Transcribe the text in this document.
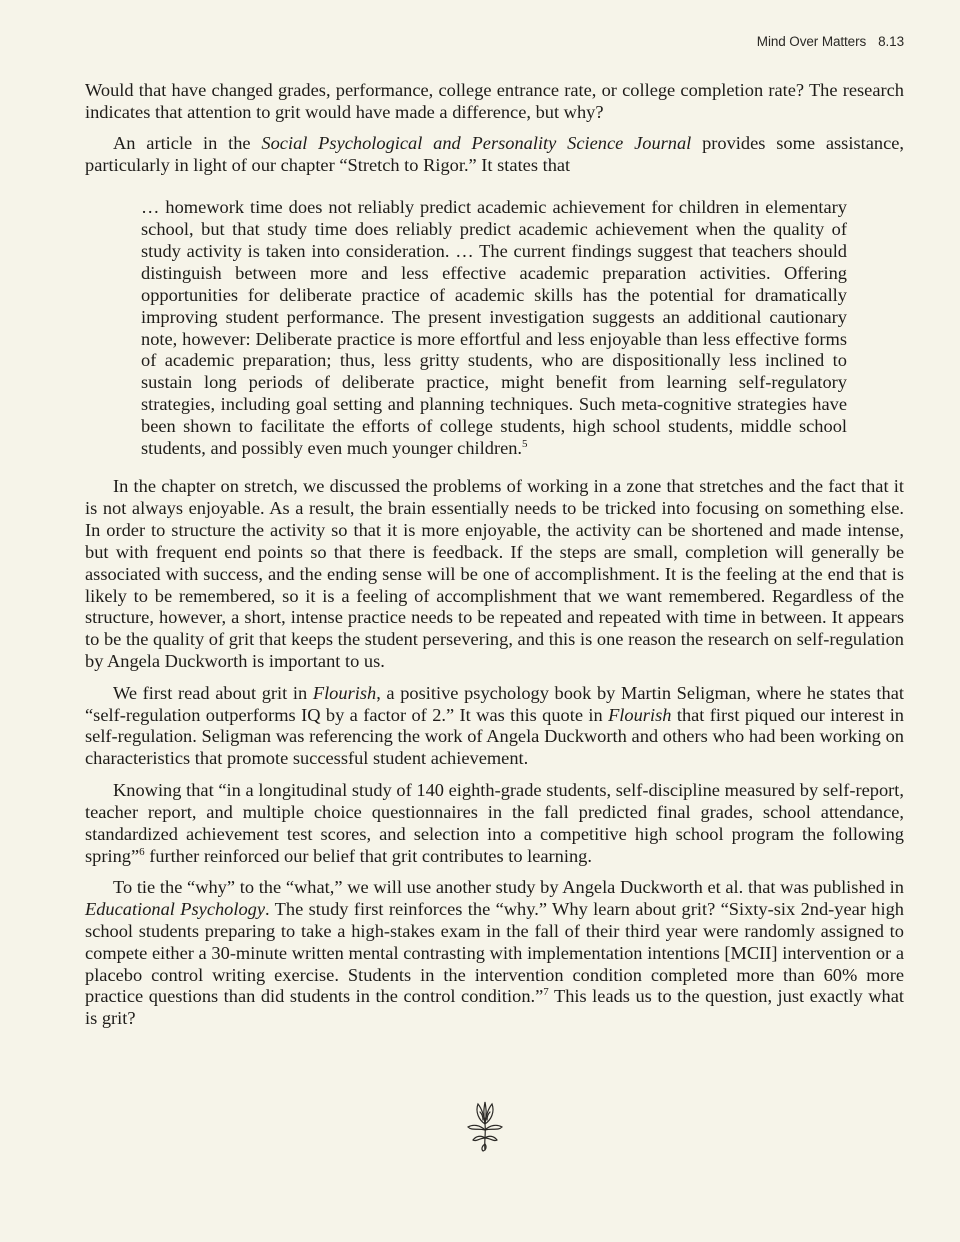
Mind Over Matters 8.13

Would that have changed grades, performance, college entrance rate, or college completion rate? The research indicates that attention to grit would have made a difference, but why?

An article in the Social Psychological and Personality Science Journal provides some assistance, particularly in light of our chapter “Stretch to Rigor.” It states that

… homework time does not reliably predict academic achievement for children in elementary school, but that study time does reliably predict academic achievement when the quality of study activity is taken into consideration. … The current findings suggest that teachers should distinguish between more and less effective academic preparation activities. Offering opportunities for deliberate practice of academic skills has the potential for dramatically improving student performance. The present investigation suggests an additional cautionary note, however: Deliberate practice is more effortful and less enjoyable than less effective forms of academic preparation; thus, less gritty students, who are dispositionally less inclined to sustain long periods of deliberate practice, might benefit from learning self-regulatory strategies, including goal setting and planning techniques. Such meta-cognitive strategies have been shown to facilitate the efforts of college students, high school students, middle school students, and possibly even much younger children.$^5$

In the chapter on stretch, we discussed the problems of working in a zone that stretches and the fact that it is not always enjoyable. As a result, the brain essentially needs to be tricked into focusing on something else. In order to structure the activity so that it is more enjoyable, the activity can be shortened and made intense, but with frequent end points so that there is feedback. If the steps are small, completion will generally be associated with success, and the ending sense will be one of accomplishment. It is the feeling at the end that is likely to be remembered, so it is a feeling of accomplishment that we want remembered. Regardless of the structure, however, a short, intense practice needs to be repeated and repeated with time in between. It appears to be the quality of grit that keeps the student persevering, and this is one reason the research on self-regulation by Angela Duckworth is important to us.

We first read about grit in Flourish, a positive psychology book by Martin Seligman, where he states that “self-regulation outperforms IQ by a factor of 2.” It was this quote in Flourish that first piqued our interest in self-regulation. Seligman was referencing the work of Angela Duckworth and others who had been working on characteristics that promote successful student achievement.

Knowing that “in a longitudinal study of 140 eighth-grade students, self-discipline measured by self-report, teacher report, and multiple choice questionnaires in the fall predicted final grades, school attendance, standardized achievement test scores, and selection into a competitive high school program the following spring”$^6$ further reinforced our belief that grit contributes to learning.

To tie the “why” to the “what,” we will use another study by Angela Duckworth et al. that was published in Educational Psychology. The study first reinforces the “why.” Why learn about grit? “Sixty-six 2nd-year high school students preparing to take a high-stakes exam in the fall of their third year were randomly assigned to compete either a 30-minute written mental contrasting with implementation intentions [MCII] intervention or a placebo control writing exercise. Students in the intervention condition completed more than 60% more practice questions than did students in the control condition.”$^7$ This leads us to the question, just exactly what is grit?
